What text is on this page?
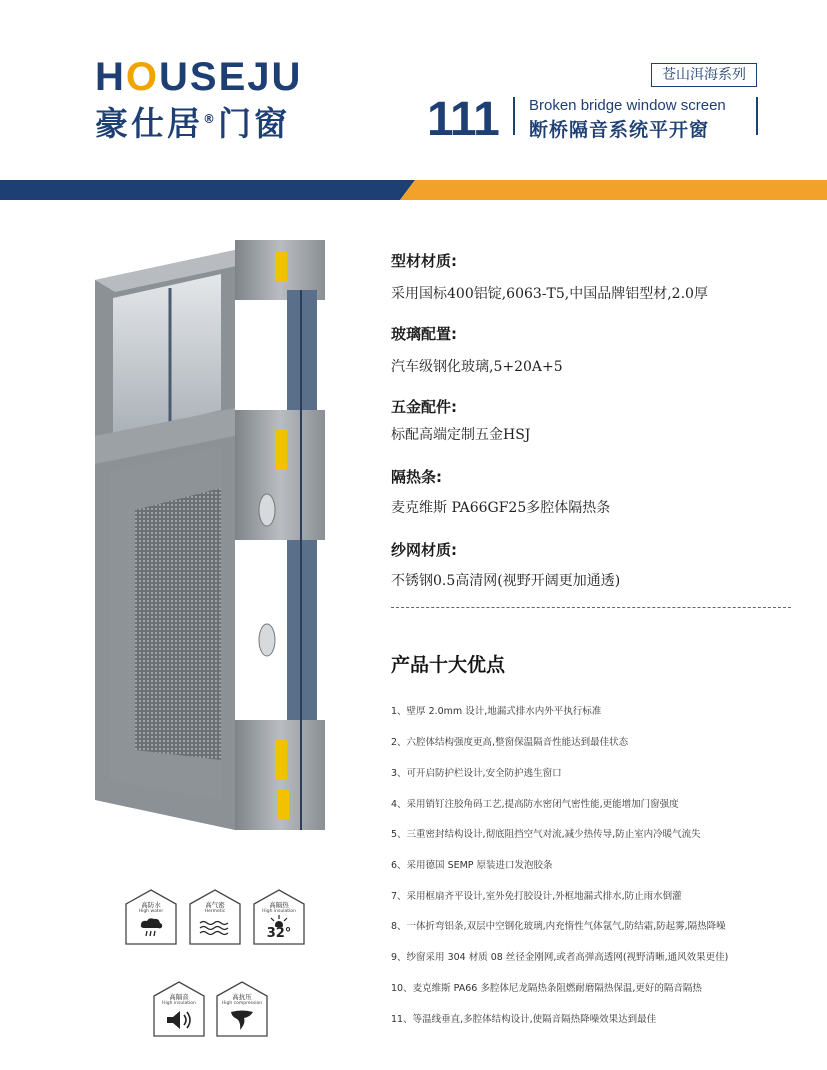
HOUSEJU
豪仕居®门窗
苍山洱海系列
111 Broken bridge window screen
断桥隔音系统平开窗
型材材质:
采用国标400铝锭,6063-T5,中国品牌铝型材,2.0厚
玻璃配置:
汽车级钢化玻璃,5+20A+5
五金配件:
标配高端定制五金HSJ
隔热条:
麦克维斯 PA66GF25多腔体隔热条
纱网材质:
不锈钢0.5高清网(视野开阔更加通透)
产品十大优点
1、壁厚 2.0mm 设计,地漏式排水内外平执行标准
2、六腔体结构强度更高,整窗保温隔音性能达到最佳状态
3、可开启防护栏设计,安全防护逃生窗口
4、采用销钉注胶角码工艺,提高防水密闭气密性能,更能增加门窗强度
5、三重密封结构设计,彻底阻挡空气对流,减少热传导,防止室内冷暖气流失
6、采用德国 SEMP 原装进口发泡胶条
7、采用框扇齐平设计,室外免打胶设计,外框地漏式排水,防止雨水倒灌
8、一体折弯铝条,双层中空钢化玻璃,内充惰性气体氩气,防结霜,防起雾,隔热降噪
9、纱窗采用 304 材质 08 丝径金刚网,或者高弹高透网(视野清晰,通风效果更佳)
10、麦克维斯 PA66 多腔体尼龙隔热条阻燃耐磨隔热保温,更好的隔音隔热
11、等温线垂直,多腔体结构设计,使隔音隔热降噪效果达到最佳
高防水
High water
高气密
Hermetic
高隔热
High insulation
32°
高隔音
High insulation
高抗压
High compression
